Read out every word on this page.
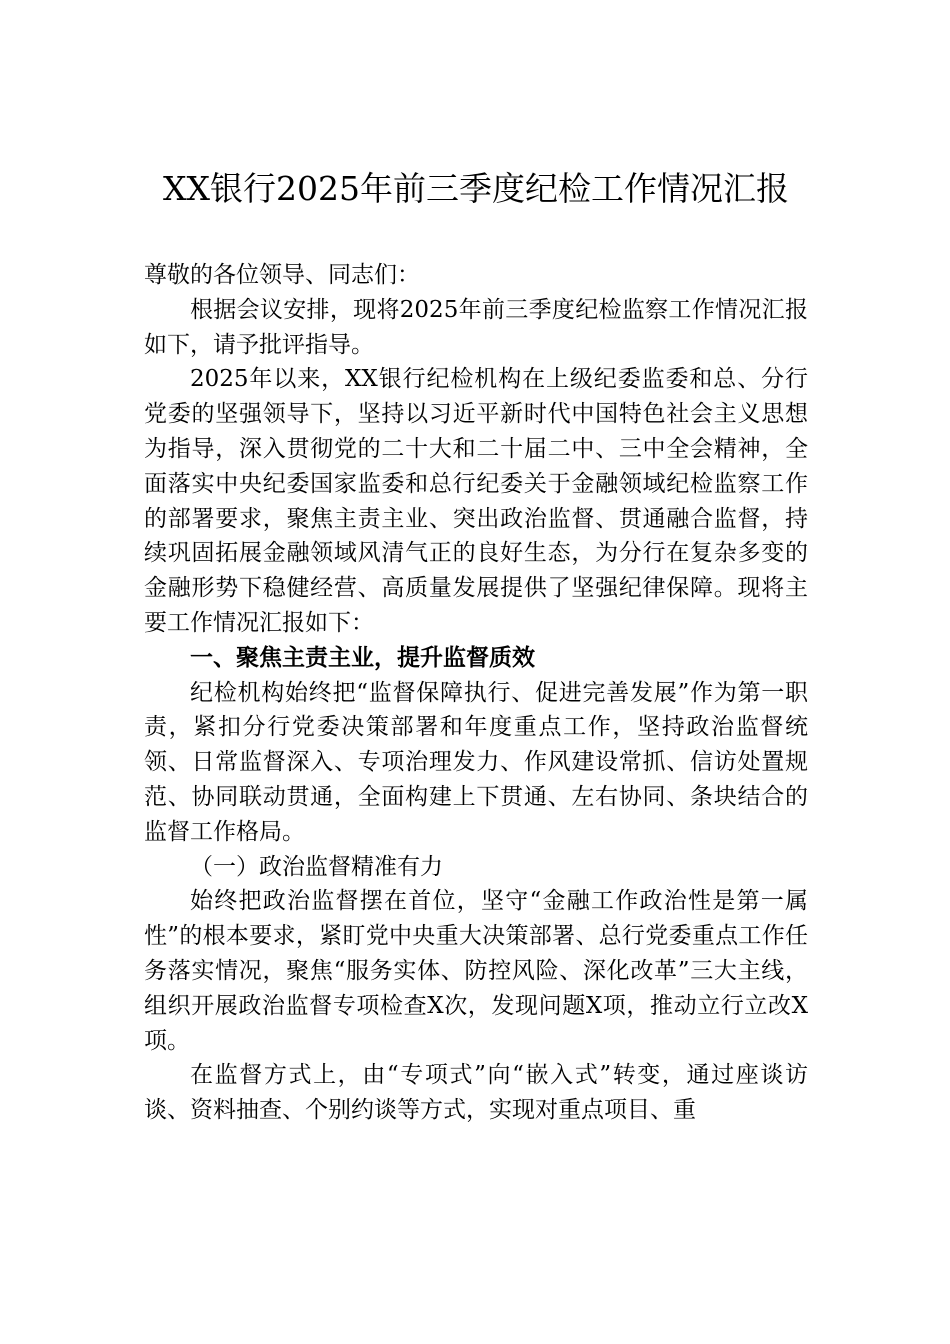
XX银行2025年前三季度纪检工作情况汇报

尊敬的各位领导、同志们：

根据会议安排，现将2025年前三季度纪检监察工作情况汇报如下，请予批评指导。

2025年以来，XX银行纪检机构在上级纪委监委和总、分行党委的坚强领导下，坚持以习近平新时代中国特色社会主义思想为指导，深入贯彻党的二十大和二十届二中、三中全会精神，全面落实中央纪委国家监委和总行纪委关于金融领域纪检监察工作的部署要求，聚焦主责主业、突出政治监督、贯通融合监督，持续巩固拓展金融领域风清气正的良好生态，为分行在复杂多变的金融形势下稳健经营、高质量发展提供了坚强纪律保障。现将主要工作情况汇报如下：

一、聚焦主责主业，提升监督质效

纪检机构始终把“监督保障执行、促进完善发展”作为第一职责，紧扣分行党委决策部署和年度重点工作，坚持政治监督统领、日常监督深入、专项治理发力、作风建设常抓、信访处置规范、协同联动贯通，全面构建上下贯通、左右协同、条块结合的监督工作格局。

（一）政治监督精准有力

始终把政治监督摆在首位，坚守“金融工作政治性是第一属性”的根本要求，紧盯党中央重大决策部署、总行党委重点工作任务落实情况，聚焦“服务实体、防控风险、深化改革”三大主线，组织开展政治监督专项检查X次，发现问题X项，推动立行立改X项。

在监督方式上，由“专项式”向“嵌入式”转变，通过座谈访谈、资料抽查、个别约谈等方式，实现对重点项目、重
